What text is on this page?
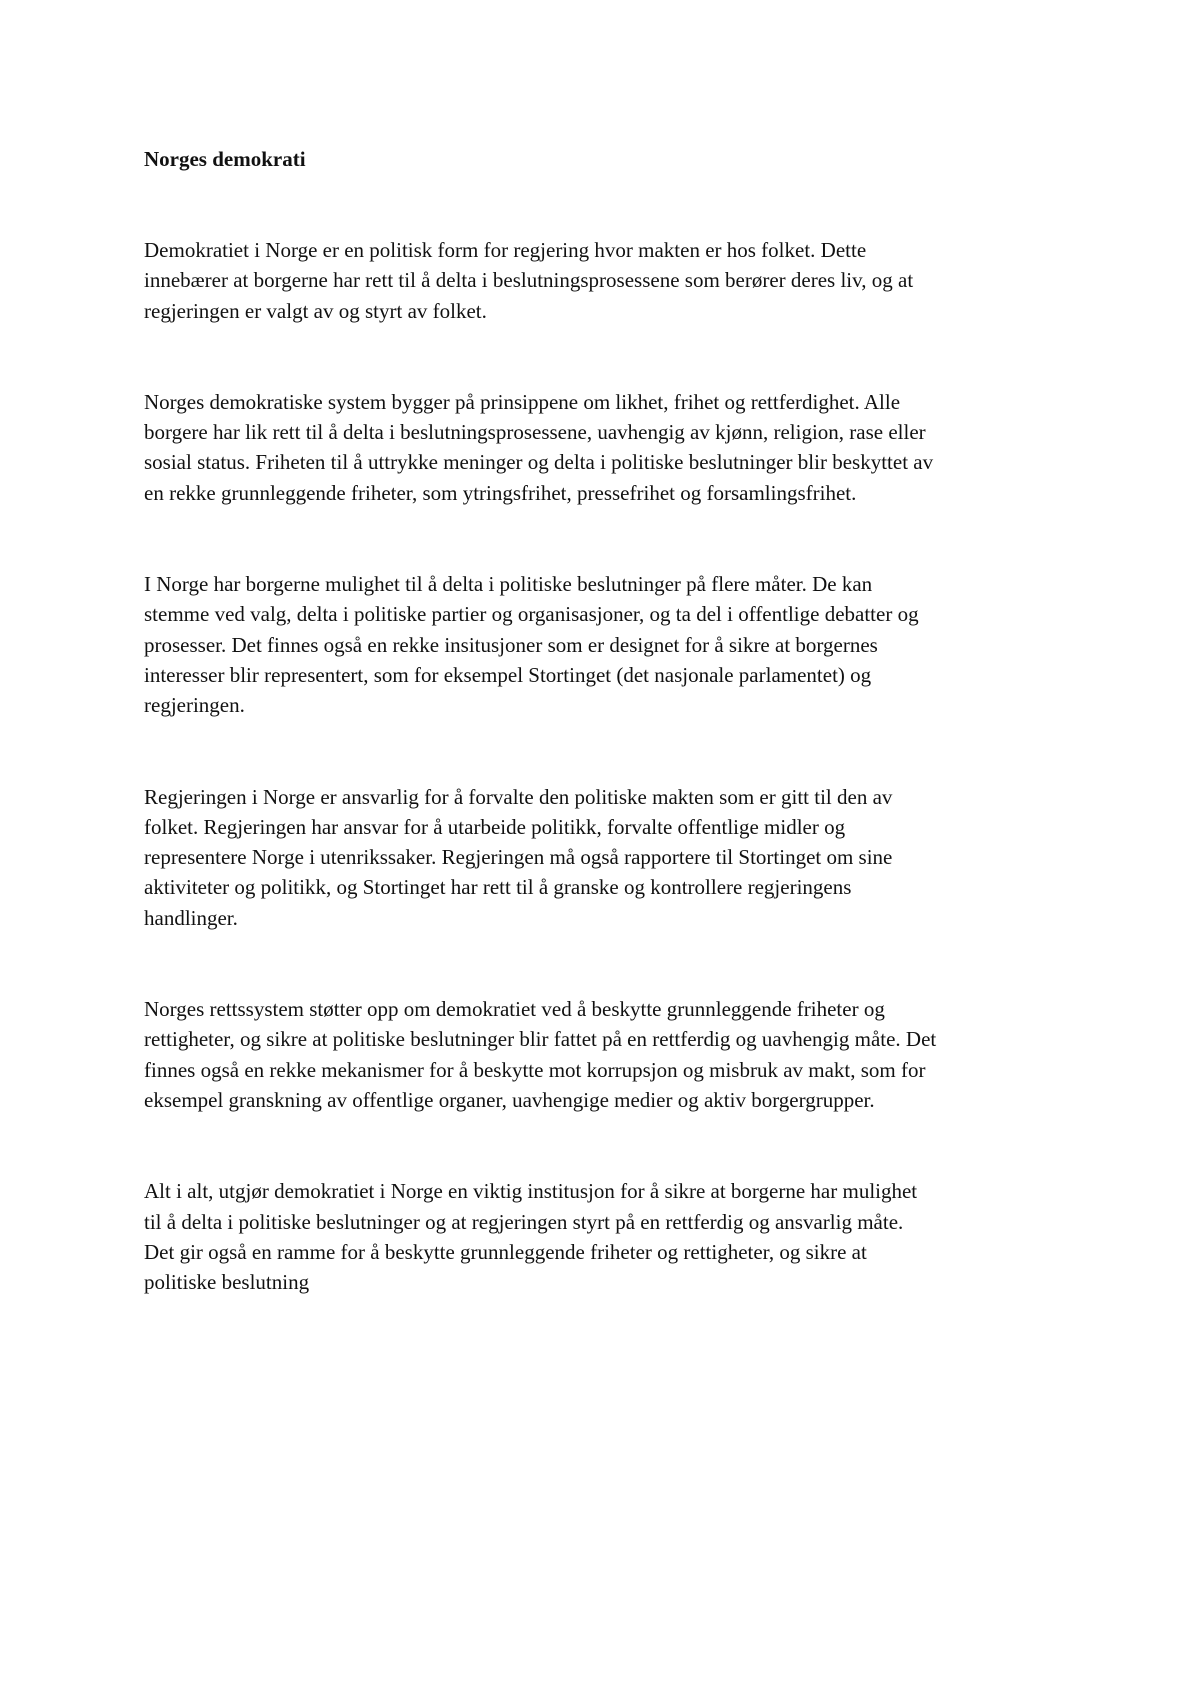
Norges demokrati

Demokratiet i Norge er en politisk form for regjering hvor makten er hos folket. Dette
innebærer at borgerne har rett til å delta i beslutningsprosessene som berører deres liv, og at
regjeringen er valgt av og styrt av folket.

Norges demokratiske system bygger på prinsippene om likhet, frihet og rettferdighet. Alle
borgere har lik rett til å delta i beslutningsprosessene, uavhengig av kjønn, religion, rase eller
sosial status. Friheten til å uttrykke meninger og delta i politiske beslutninger blir beskyttet av
en rekke grunnleggende friheter, som ytringsfrihet, pressefrihet og forsamlingsfrihet.

I Norge har borgerne mulighet til å delta i politiske beslutninger på flere måter. De kan
stemme ved valg, delta i politiske partier og organisasjoner, og ta del i offentlige debatter og
prosesser. Det finnes også en rekke insitusjoner som er designet for å sikre at borgernes
interesser blir representert, som for eksempel Stortinget (det nasjonale parlamentet) og
regjeringen.

Regjeringen i Norge er ansvarlig for å forvalte den politiske makten som er gitt til den av
folket. Regjeringen har ansvar for å utarbeide politikk, forvalte offentlige midler og
representere Norge i utenrikssaker. Regjeringen må også rapportere til Stortinget om sine
aktiviteter og politikk, og Stortinget har rett til å granske og kontrollere regjeringens
handlinger.

Norges rettssystem støtter opp om demokratiet ved å beskytte grunnleggende friheter og
rettigheter, og sikre at politiske beslutninger blir fattet på en rettferdig og uavhengig måte. Det
finnes også en rekke mekanismer for å beskytte mot korrupsjon og misbruk av makt, som for
eksempel granskning av offentlige organer, uavhengige medier og aktiv borgergrupper.

Alt i alt, utgjør demokratiet i Norge en viktig institusjon for å sikre at borgerne har mulighet
til å delta i politiske beslutninger og at regjeringen styrt på en rettferdig og ansvarlig måte.
Det gir også en ramme for å beskytte grunnleggende friheter og rettigheter, og sikre at
politiske beslutning
